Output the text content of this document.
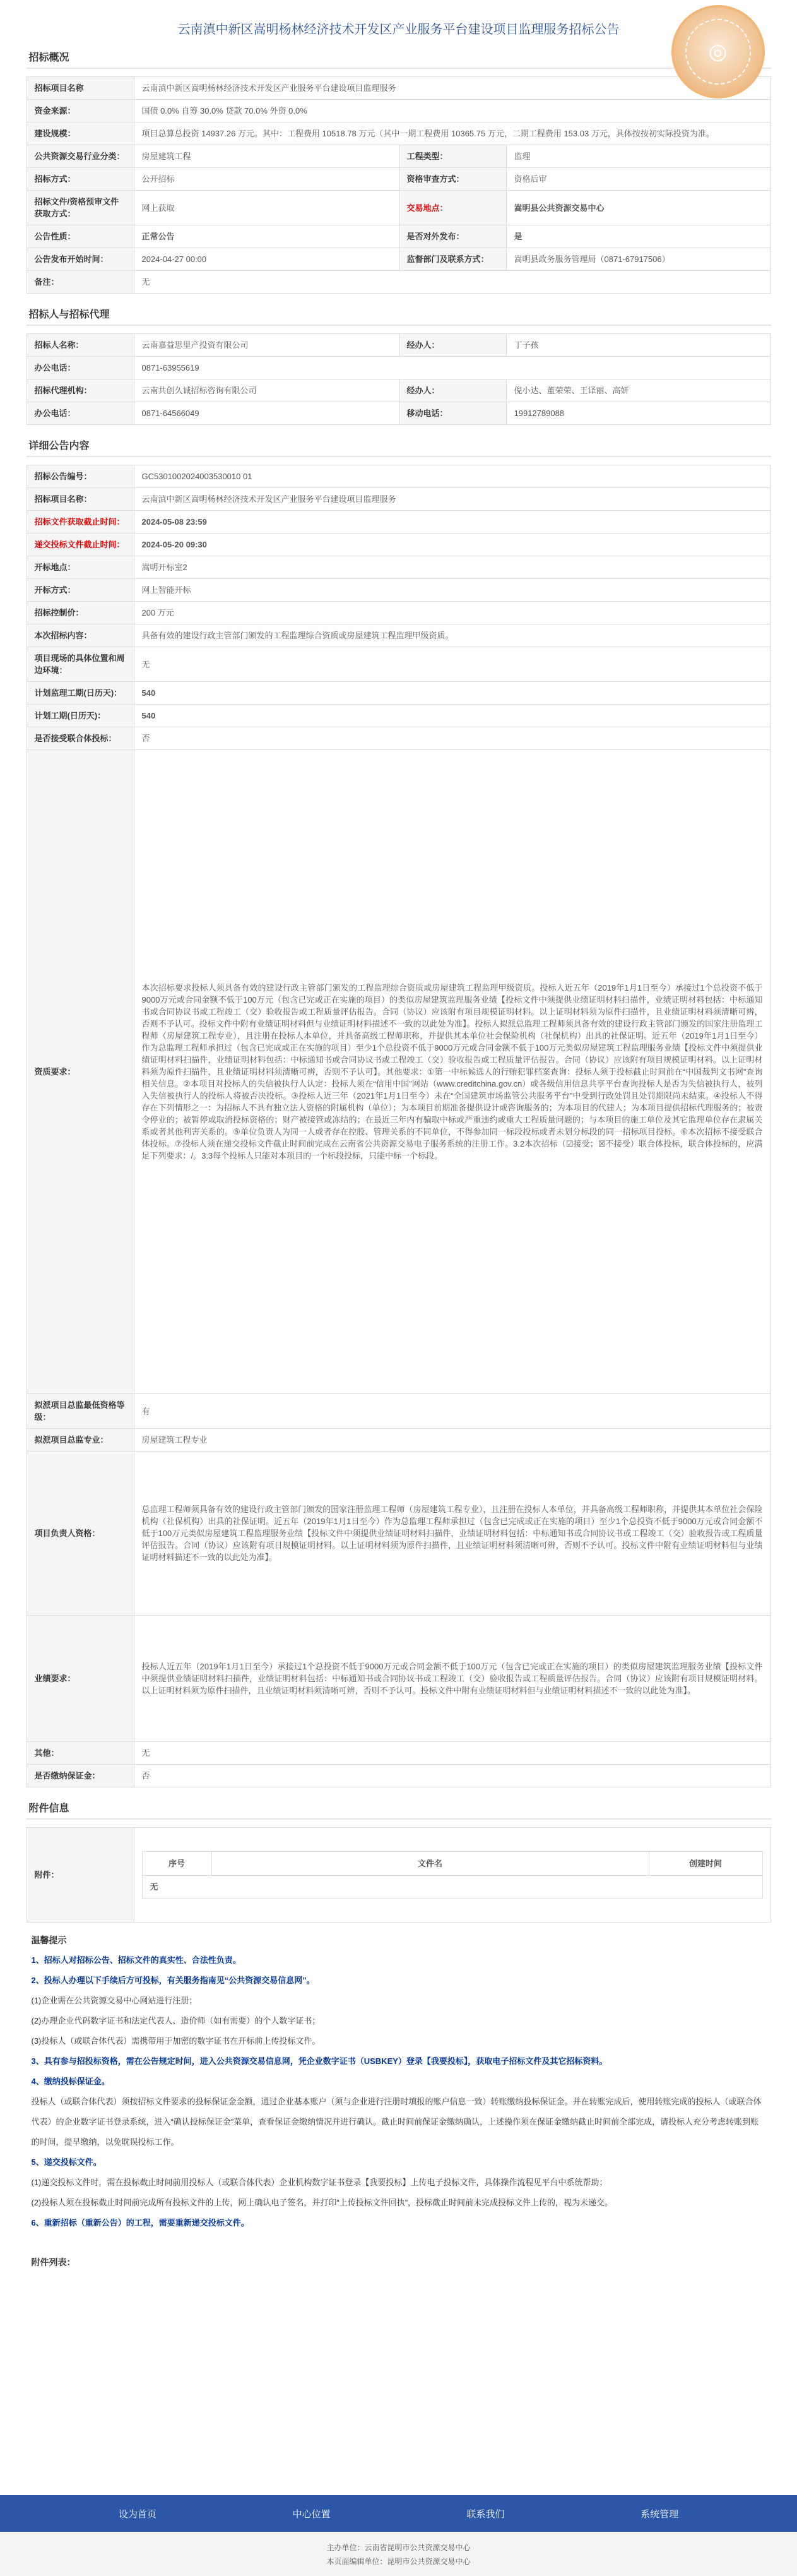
云南滇中新区嵩明杨林经济技术开发区产业服务平台建设项目监理服务招标公告
◎
招标概况
招标项目名称	云南滇中新区嵩明杨林经济技术开发区产业服务平台建设项目监理服务		
资金来源：	国债 0.0% 自筹 30.0% 贷款 70.0% 外资 0.0%		
建设规模：	项目总算总投资 14937.26 万元。其中：工程费用 10518.78 万元（其中一期工程费用 10365.75 万元，二期工程费用 153.03 万元，具体按按初实际投资为准。		
公共资源交易行业分类：	房屋建筑工程	工程类型：	监理
招标方式：	公开招标	资格审查方式：	资格后审
招标文件/资格预审文件获取方式：	网上获取	交易地点：	嵩明县公共资源交易中心
公告性质：	正常公告	是否对外发布：	是
公告发布开始时间：	2024-04-27 00:00	监督部门及联系方式：	嵩明县政务服务管理局（0871-67917506）
备注：	无		
招标人与招标代理
招标人名称：	云南嘉益思里产投资有限公司	经办人：	丁子孩
办公电话：	0871-63955619		
招标代理机构：	云南共创久诚招标咨询有限公司	经办人：	倪小达、董荣荣、王译丽、高妍
办公电话：	0871-64566049	移动电话：	19912789088
详细公告内容
招标公告编号：	GC5301002024003530010 01
招标项目名称：	云南滇中新区嵩明杨林经济技术开发区产业服务平台建设项目监理服务
招标文件获取截止时间：	2024-05-08 23:59
递交投标文件截止时间：	2024-05-20 09:30
开标地点：	嵩明开标室2
开标方式：	网上智能开标
招标控制价：	200 万元
本次招标内容：	具备有效的建设行政主管部门颁发的工程监理综合资质或房屋建筑工程监理甲级资质。
项目现场的具体位置和周边环境：	无
计划监理工期(日历天)：	540
计划工期(日历天)：	540
是否接受联合体投标：	否
资质要求：	本次招标要求投标人须具备有效的建设行政主管部门颁发的工程监理综合资质或房屋建筑工程监理甲级资质。投标人近五年（2019年1月1日至今）承接过1个总投资不低于9000万元或合同金额不低于100万元（包含已完或正在实施的项目）的类似房屋建筑监理服务业绩【投标文件中须提供业绩证明材料扫描件，业绩证明材料包括：中标通知书或合同协议书或工程竣工（交）验收报告或工程质量评估报告。合同（协议）应该附有项目规模证明材料。以上证明材料须为原件扫描件，且业绩证明材料须清晰可辨，否则不予认可。投标文件中附有业绩证明材料但与业绩证明材料描述不一致的以此处为准】。投标人拟派总监理工程师须具备有效的建设行政主管部门颁发的国家注册监理工程师（房屋建筑工程专业），且注册在投标人本单位，并具备高级工程师职称，并提供其本单位社会保险机构（社保机构）出具的社保证明。近五年（2019年1月1日至今）作为总监理工程师承担过（包含已完成或正在实施的项目）至少1个总投资不低于9000万元或合同金额不低于100万元类似房屋建筑工程监理服务业绩【投标文件中须提供业绩证明材料扫描件，业绩证明材料包括：中标通知书或合同协议书或工程竣工（交）验收报告或工程质量评估报告。合同（协议）应该附有项目规模证明材料。以上证明材料须为原件扫描件，且业绩证明材料须清晰可辨，否则不予认可】。其他要求：①第一中标候选人的行贿犯罪档案查询：投标人须于投标截止时间前在“中国裁判文书网”查询相关信息。②本项目对投标人的失信被执行人认定：投标人须在“信用中国”网站（www.creditchina.gov.cn）或各级信用信息共享平台查询投标人是否为失信被执行人，被列入失信被执行人的投标人将被否决投标。③投标人近三年（2021年1月1日至今）未在“全国建筑市场监管公共服务平台”中受到行政处罚且处罚期限尚未结束。④投标人不得存在下列情形之一：为招标人不具有独立法人资格的附属机构（单位）；为本项目前期准备提供设计或咨询服务的；为本项目的代建人；为本项目提供招标代理服务的；被责令停业的；被暂停或取消投标资格的；财产被接管或冻结的；在最近三年内有骗取中标或严重违约或重大工程质量问题的；与本项目的施工单位及其它监理单位存在隶属关系或者其他利害关系的。⑤单位负责人为同一人或者存在控股、管理关系的不同单位，不得参加同一标段投标或者未划分标段的同一招标项目投标。⑥本次招标不接受联合体投标。⑦投标人须在递交投标文件截止时间前完成在云南省公共资源交易电子服务系统的注册工作。3.2本次招标（☑接受；☒不接受）联合体投标，联合体投标的，应满足下列要求：/。3.3每个投标人只能对本项目的一个标段投标，只能中标一个标段。
拟派项目总监最低资格等级：	有
拟派项目总监专业：	房屋建筑工程专业
项目负责人资格：	总监理工程师须具备有效的建设行政主管部门颁发的国家注册监理工程师（房屋建筑工程专业），且注册在投标人本单位，并具备高级工程师职称，并提供其本单位社会保险机构（社保机构）出具的社保证明。近五年（2019年1月1日至今）作为总监理工程师承担过（包含已完成或正在实施的项目）至少1个总投资不低于9000万元或合同金额不低于100万元类似房屋建筑工程监理服务业绩【投标文件中须提供业绩证明材料扫描件，业绩证明材料包括：中标通知书或合同协议书或工程竣工（交）验收报告或工程质量评估报告。合同（协议）应该附有项目规模证明材料。以上证明材料须为原件扫描件，且业绩证明材料须清晰可辨，否则不予认可。投标文件中附有业绩证明材料但与业绩证明材料描述不一致的以此处为准】。
业绩要求：	投标人近五年（2019年1月1日至今）承接过1个总投资不低于9000万元或合同金额不低于100万元（包含已完或正在实施的项目）的类似房屋建筑监理服务业绩【投标文件中须提供业绩证明材料扫描件，业绩证明材料包括：中标通知书或合同协议书或工程竣工（交）验收报告或工程质量评估报告。合同（协议）应该附有项目规模证明材料。以上证明材料须为原件扫描件，且业绩证明材料须清晰可辨，否则不予认可。投标文件中附有业绩证明材料但与业绩证明材料描述不一致的以此处为准】。
其他：	无
是否缴纳保证金：	否
附件信息
附件：	
序号	文件名	创建时间
无
温馨提示
1、招标人对招标公告、招标文件的真实性、合法性负责。
2、投标人办理以下手续后方可投标，有关服务指南见“公共资源交易信息网”。
(1)企业需在公共资源交易中心网站进行注册；
(2)办理企业代码数字证书和法定代表人、造价师（如有需要）的个人数字证书；
(3)投标人（或联合体代表）需携带用于加密的数字证书在开标前上传投标文件。
3、具有参与招投标资格，需在公告规定时间，进入公共资源交易信息网，凭企业数字证书（USBKEY）登录【我要投标】，获取电子招标文件及其它招标资料。
4、缴纳投标保证金。
投标人（或联合体代表）须按招标文件要求的投标保证金金额，通过企业基本账户（须与企业进行注册时填报的账户信息一致）转账缴纳投标保证金。并在转账完成后，使用转账完成的投标人（或联合体代表）的企业数字证书登录系统，进入“确认投标保证金”菜单，查看保证金缴纳情况并进行确认。截止时间前保证金缴纳确认，上述操作须在保证金缴纳截止时间前全部完成，请投标人充分考虑转账到账的时间，提早缴纳，以免耽误投标工作。
5、递交投标文件。
(1)递交投标文件时，需在投标截止时间前用投标人（或联合体代表）企业机构数字证书登录【我要投标】上传电子投标文件，具体操作流程见平台中系统帮助；
(2)投标人须在投标截止时间前完成所有投标文件的上传，网上确认电子签名，并打印“上传投标文件回执”，投标截止时间前未完成投标文件上传的，视为未递交。
6、重新招标（重新公告）的工程，需要重新递交投标文件。
附件列表：
设为首页	中心位置	联系我们	系统管理
主办单位：云南省昆明市公共资源交易中心
本页面编辑单位：昆明市公共资源交易中心
